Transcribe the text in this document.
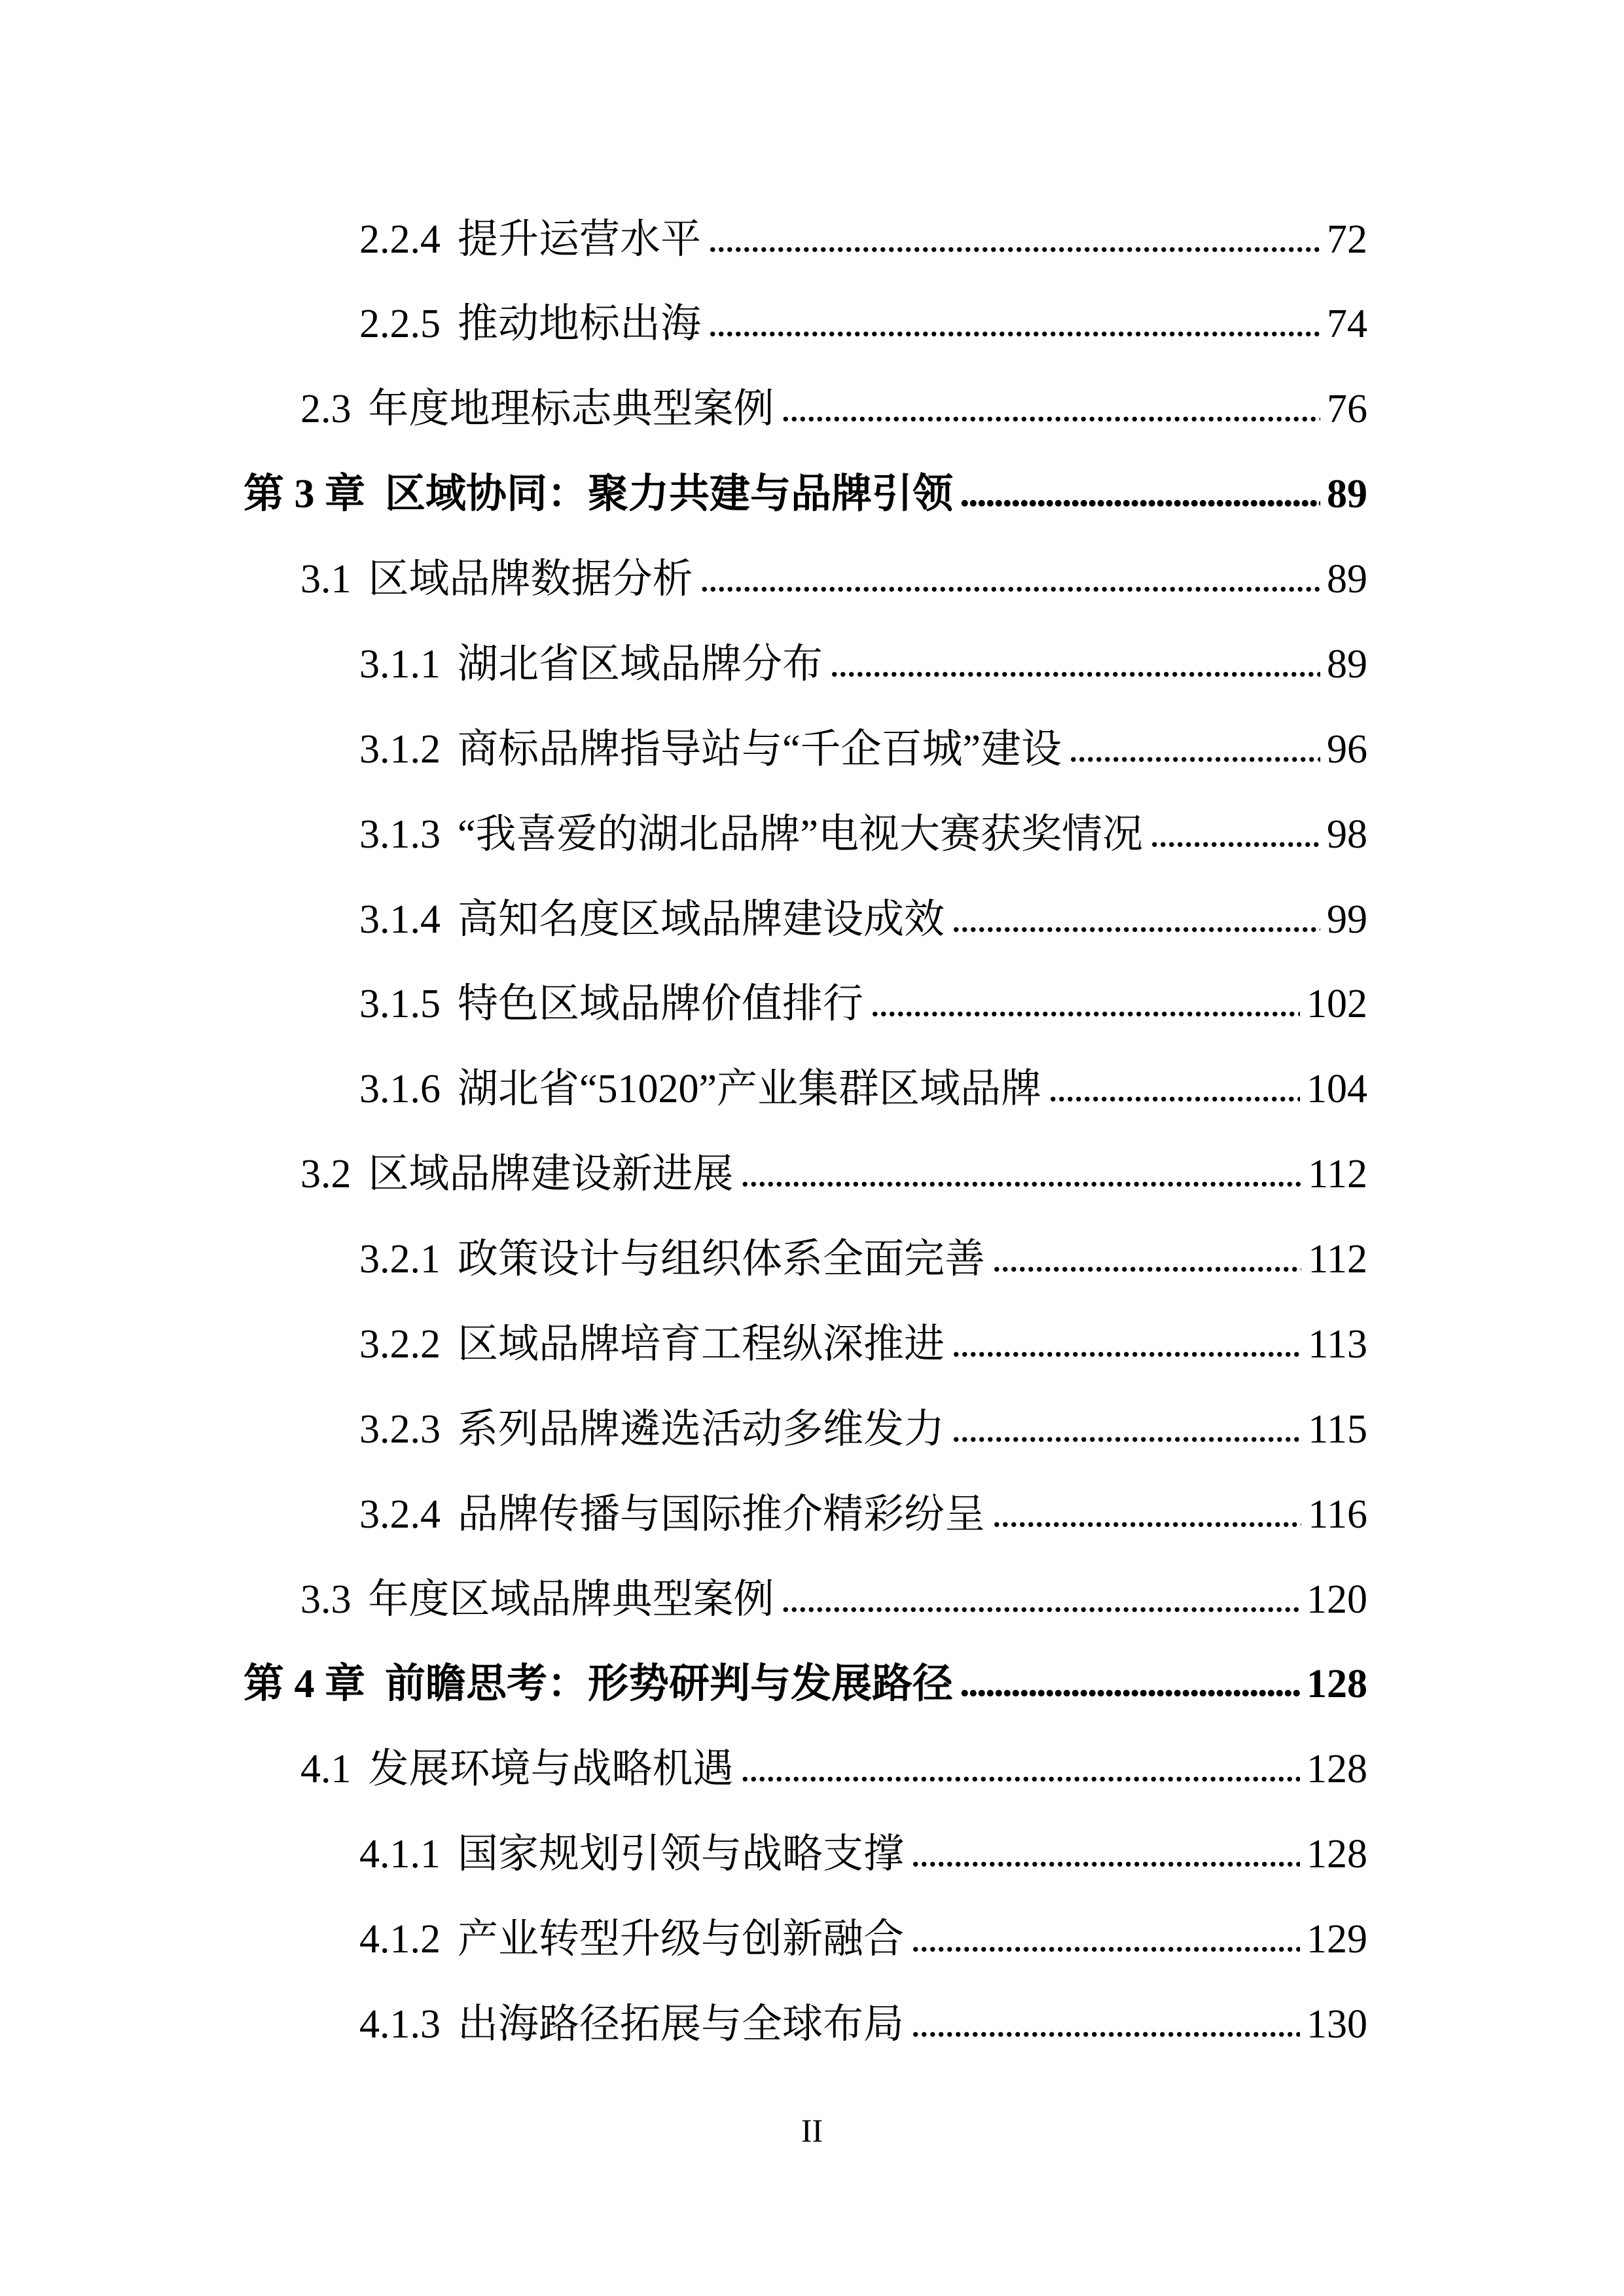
2.2.4 提升运营水平 . . .	72
2.2.5 推动地标出海 . . .	74
2.3 年度地理标志典型案例 . . .	76
第 3 章 区域协同：聚力共建与品牌引领 . . .	89
3.1 区域品牌数据分析 . . .	89
3.1.1 湖北省区域品牌分布 . . .	89
3.1.2 商标品牌指导站与“千企百城”建设 . . .	96
3.1.3 “我喜爱的湖北品牌”电视大赛获奖情况 . . .	98
3.1.4 高知名度区域品牌建设成效 . . .	99
3.1.5 特色区域品牌价值排行 . . .	102
3.1.6 湖北省“51020”产业集群区域品牌 . . .	104
3.2 区域品牌建设新进展 . . .	112
3.2.1 政策设计与组织体系全面完善 . . .	112
3.2.2 区域品牌培育工程纵深推进 . . .	113
3.2.3 系列品牌遴选活动多维发力 . . .	115
3.2.4 品牌传播与国际推介精彩纷呈 . . .	116
3.3 年度区域品牌典型案例 . . .	120
第 4 章 前瞻思考：形势研判与发展路径 . . .	128
4.1 发展环境与战略机遇 . . .	128
4.1.1 国家规划引领与战略支撑 . . .	128
4.1.2 产业转型升级与创新融合 . . .	129
4.1.3 出海路径拓展与全球布局 . . .	130
II
